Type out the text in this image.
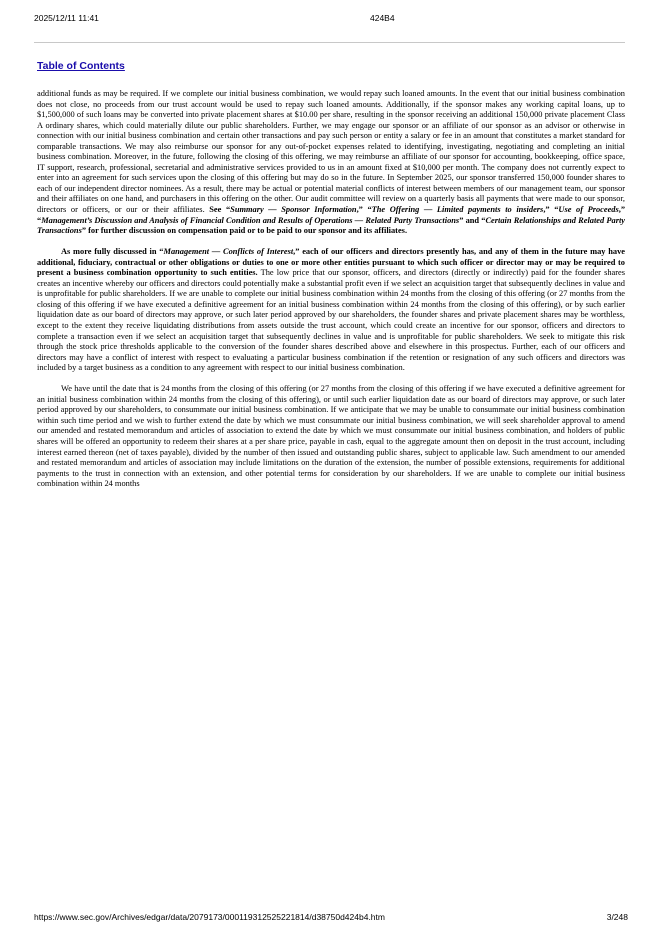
2025/12/11 11:41	424B4
Table of Contents

additional funds as may be required. If we complete our initial business combination, we would repay such loaned amounts. In the event that our initial business combination does not close, no proceeds from our trust account would be used to repay such loaned amounts. Additionally, if the sponsor makes any working capital loans, up to $1,500,000 of such loans may be converted into private placement shares at $10.00 per share, resulting in the sponsor receiving an additional 150,000 private placement Class A ordinary shares, which could materially dilute our public shareholders. Further, we may engage our sponsor or an affiliate of our sponsor as an advisor or otherwise in connection with our initial business combination and certain other transactions and pay such person or entity a salary or fee in an amount that constitutes a market standard for comparable transactions. We may also reimburse our sponsor for any out-of-pocket expenses related to identifying, investigating, negotiating and completing an initial business combination. Moreover, in the future, following the closing of this offering, we may reimburse an affiliate of our sponsor for accounting, bookkeeping, office space, IT support, research, professional, secretarial and administrative services provided to us in an amount fixed at $10,000 per month. The company does not currently expect to enter into an agreement for such services upon the closing of this offering but may do so in the future. In September 2025, our sponsor transferred 150,000 founder shares to each of our independent director nominees. As a result, there may be actual or potential material conflicts of interest between members of our management team, our sponsor and their affiliates on one hand, and purchasers in this offering on the other. Our audit committee will review on a quarterly basis all payments that were made to our sponsor, directors or officers, or our or their affiliates. See “Summary — Sponsor Information,” “The Offering — Limited payments to insiders,” “Use of Proceeds,” “Management’s Discussion and Analysis of Financial Condition and Results of Operations — Related Party Transactions” and “Certain Relationships and Related Party Transactions” for further discussion on compensation paid or to be paid to our sponsor and its affiliates.

As more fully discussed in “Management — Conflicts of Interest,” each of our officers and directors presently has, and any of them in the future may have additional, fiduciary, contractual or other obligations or duties to one or more other entities pursuant to which such officer or director may or may be required to present a business combination opportunity to such entities. The low price that our sponsor, officers, and directors (directly or indirectly) paid for the founder shares creates an incentive whereby our officers and directors could potentially make a substantial profit even if we select an acquisition target that subsequently declines in value and is unprofitable for public shareholders. If we are unable to complete our initial business combination within 24 months from the closing of this offering (or 27 months from the closing of this offering if we have executed a definitive agreement for an initial business combination within 24 months from the closing of this offering), or by such earlier liquidation date as our board of directors may approve, or such later period approved by our shareholders, the founder shares and private placement shares may be worthless, except to the extent they receive liquidating distributions from assets outside the trust account, which could create an incentive for our sponsor, officers and directors to complete a transaction even if we select an acquisition target that subsequently declines in value and is unprofitable for public shareholders. We seek to mitigate this risk through the stock price thresholds applicable to the conversion of the founder shares described above and elsewhere in this prospectus. Further, each of our officers and directors may have a conflict of interest with respect to evaluating a particular business combination if the retention or resignation of any such officers and directors was included by a target business as a condition to any agreement with respect to our initial business combination.

We have until the date that is 24 months from the closing of this offering (or 27 months from the closing of this offering if we have executed a definitive agreement for an initial business combination within 24 months from the closing of this offering), or until such earlier liquidation date as our board of directors may approve, or such later period approved by our shareholders, to consummate our initial business combination. If we anticipate that we may be unable to consummate our initial business combination within such time period and we wish to further extend the date by which we must consummate our initial business combination, we will seek shareholder approval to amend our amended and restated memorandum and articles of association to extend the date by which we must consummate our initial business combination, and holders of public shares will be offered an opportunity to redeem their shares at a per share price, payable in cash, equal to the aggregate amount then on deposit in the trust account, including interest earned thereon (net of taxes payable), divided by the number of then issued and outstanding public shares, subject to applicable law. Such amendment to our amended and restated memorandum and articles of association may include limitations on the duration of the extension, the number of possible extensions, requirements for additional payments to the trust in connection with an extension, and other potential terms for consideration by our shareholders. If we are unable to complete our initial business combination within 24 months

https://www.sec.gov/Archives/edgar/data/2079173/000119312525221814/d38750d424b4.htm	3/248
